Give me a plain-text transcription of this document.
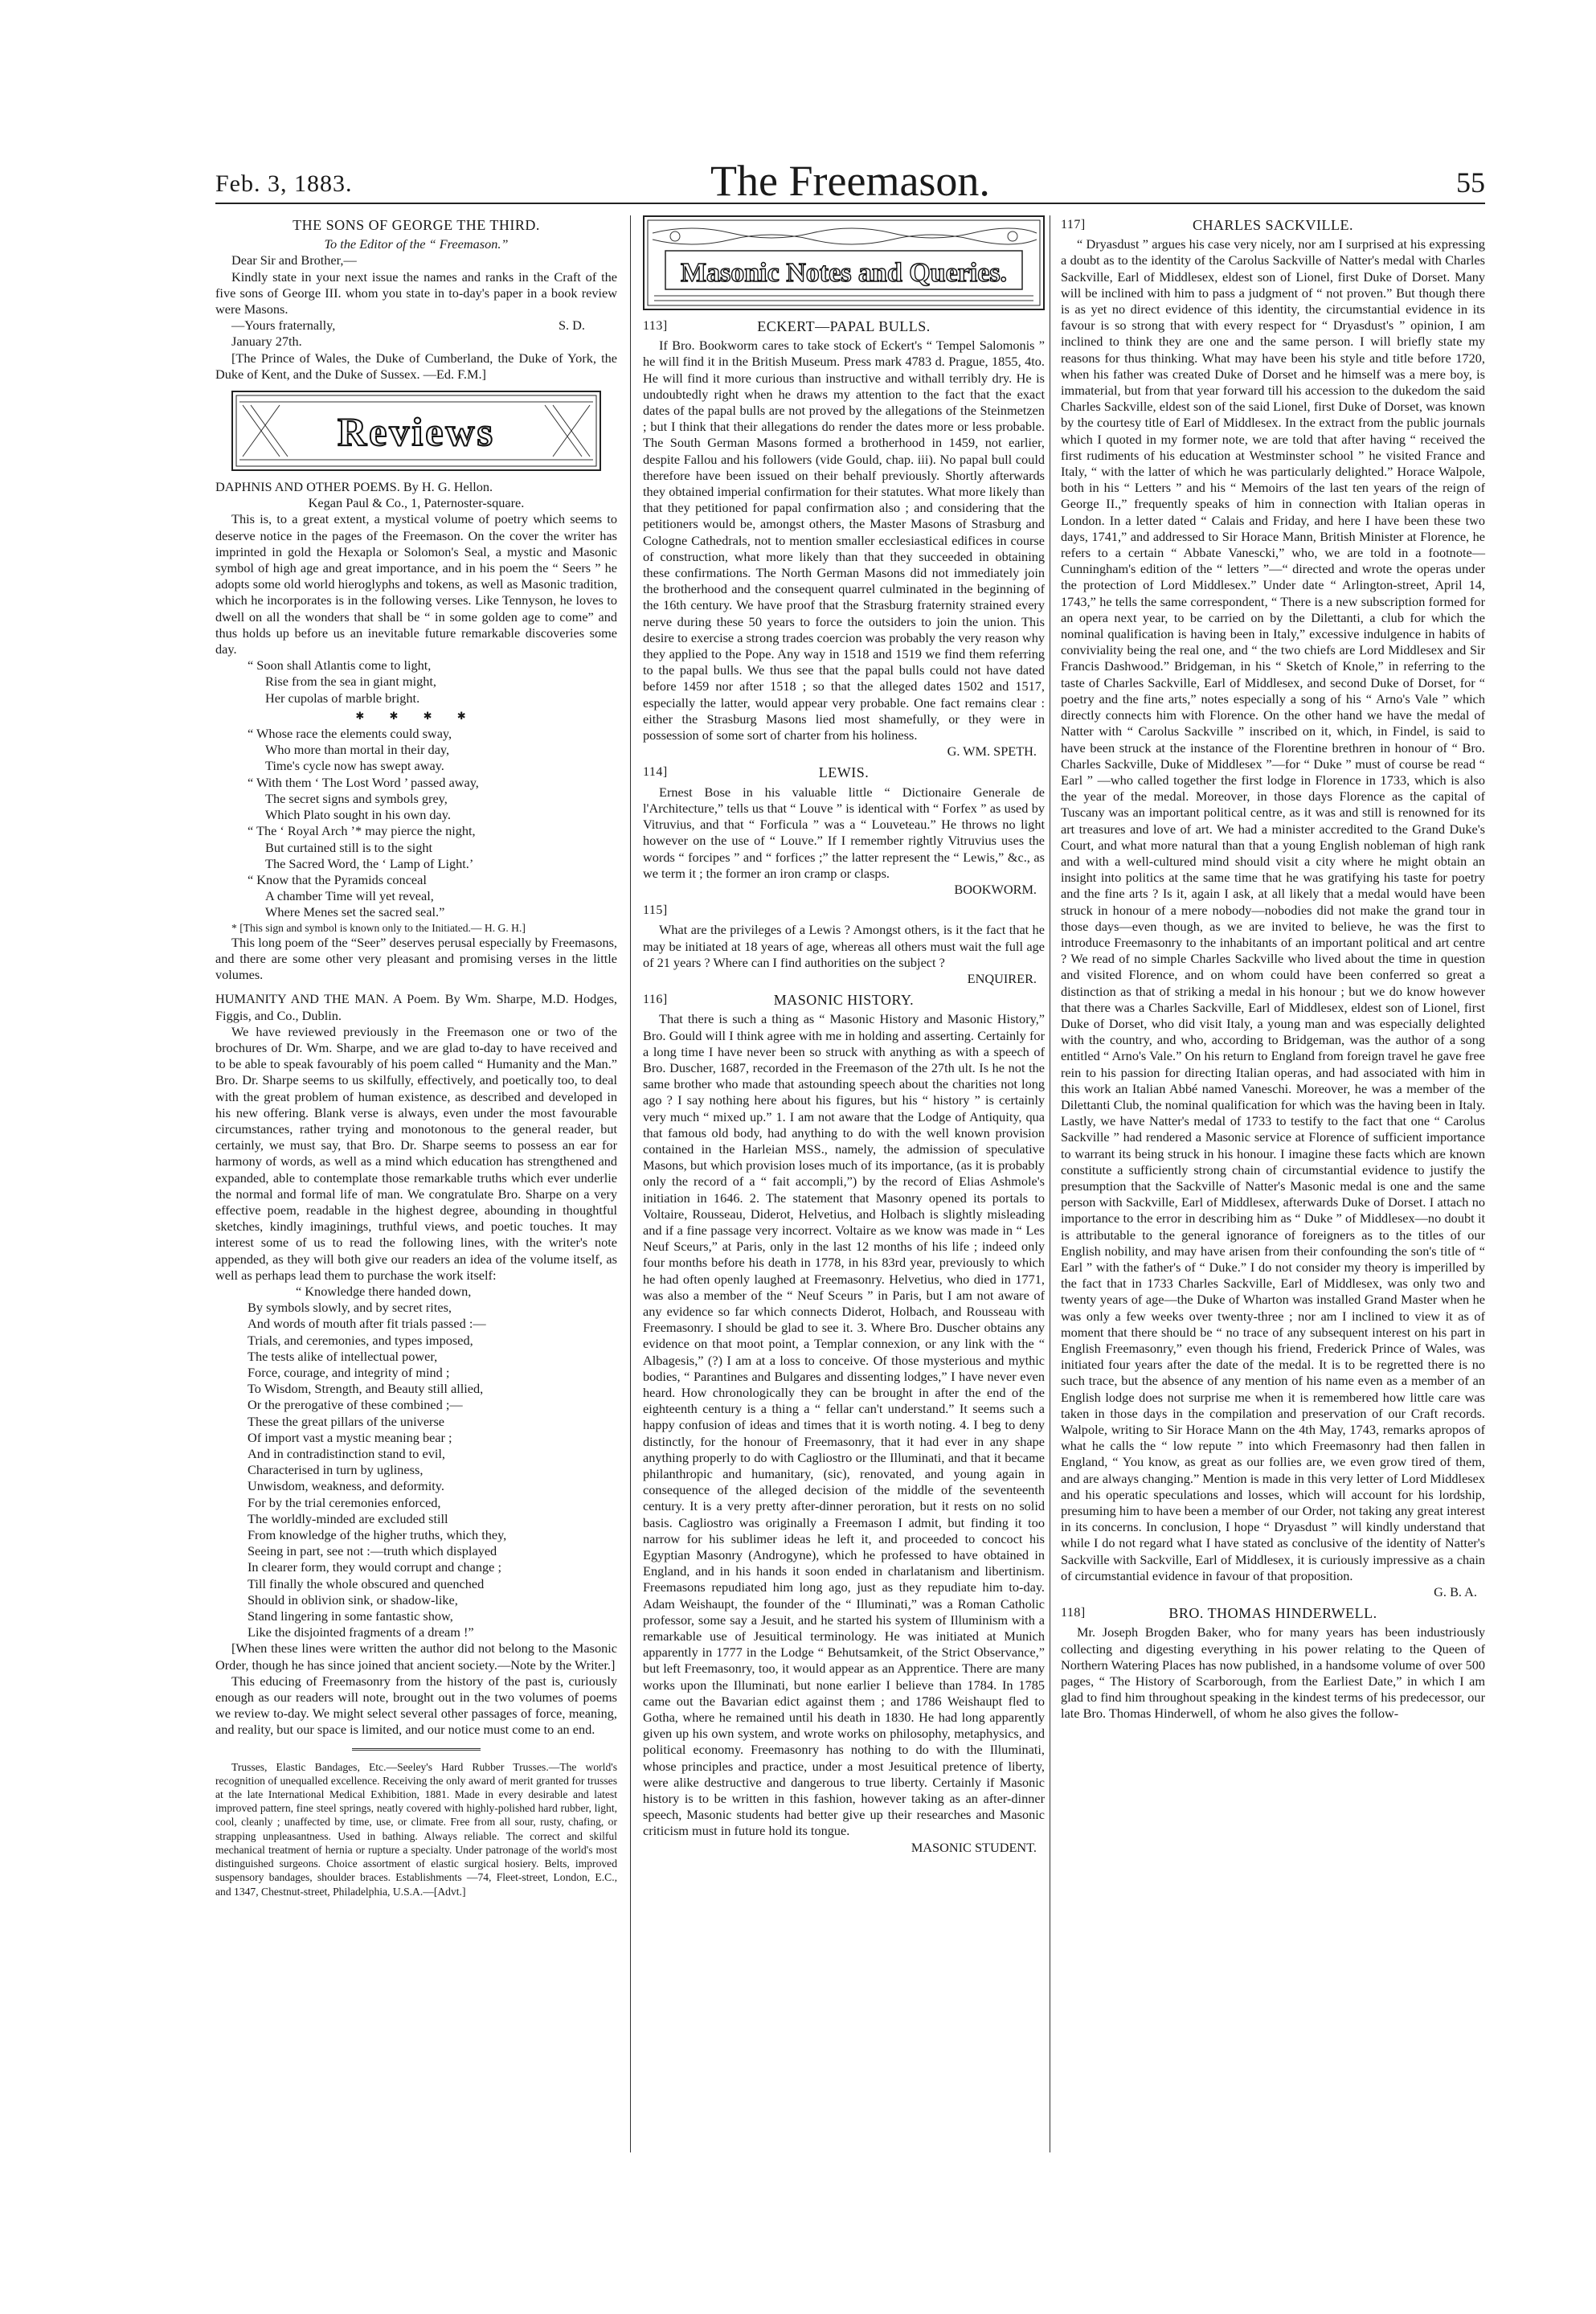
Feb. 3, 1883.	The Freemason.	55
THE SONS OF GEORGE THE THIRD.

To the Editor of the “ Freemason.”

Dear Sir and Brother,—

Kindly state in your next issue the names and ranks in the Craft of the five sons of George III. whom you state in to-day's paper in a book review were Masons.

—Yours fraternally,	S. D.

January 27th.

[The Prince of Wales, the Duke of Cumberland, the Duke of York, the Duke of Kent, and the Duke of Sussex. —Ed. F.M.]

Reviews

DAPHNIS AND OTHER POEMS. By H. G. Hellon.

Kegan Paul & Co., 1, Paternoster-square.

This is, to a great extent, a mystical volume of poetry which seems to deserve notice in the pages of the Freemason. On the cover the writer has imprinted in gold the Hexapla or Solomon's Seal, a mystic and Masonic symbol of high age and great importance, and in his poem the “ Seers ” he adopts some old world hieroglyphs and tokens, as well as Masonic tradition, which he incorporates is in the following verses. Like Tennyson, he loves to dwell on all the wonders that shall be “ in some golden age to come” and thus holds up before us an inevitable future remarkable discoveries some day.

“ Soon shall Atlantis come to light,
Rise from the sea in giant might,
Her cupolas of marble bright.
✱ ✱ ✱ ✱
“ Whose race the elements could sway,
Who more than mortal in their day,
Time's cycle now has swept away.
“ With them ‘ The Lost Word ’ passed away,
The secret signs and symbols grey,
Which Plato sought in his own day.
“ The ‘ Royal Arch ’* may pierce the night,
But curtained still is to the sight
The Sacred Word, the ‘ Lamp of Light.’
“ Know that the Pyramids conceal
A chamber Time will yet reveal,
Where Menes set the sacred seal.”

* [This sign and symbol is known only to the Initiated.— H. G. H.]

This long poem of the “Seer” deserves perusal especially by Freemasons, and there are some other very pleasant and promising verses in the little volumes.

HUMANITY AND THE MAN. A Poem. By Wm. Sharpe, M.D. Hodges, Figgis, and Co., Dublin.

We have reviewed previously in the Freemason one or two of the brochures of Dr. Wm. Sharpe, and we are glad to-day to have received and to be able to speak favourably of his poem called “ Humanity and the Man.” Bro. Dr. Sharpe seems to us skilfully, effectively, and poetically too, to deal with the great problem of human existence, as described and developed in his new offering. Blank verse is always, even under the most favourable circumstances, rather trying and monotonous to the general reader, but certainly, we must say, that Bro. Dr. Sharpe seems to possess an ear for harmony of words, as well as a mind which education has strengthened and expanded, able to contemplate those remarkable truths which ever underlie the normal and formal life of man. We congratulate Bro. Sharpe on a very effective poem, readable in the highest degree, abounding in thoughtful sketches, kindly imaginings, truthful views, and poetic touches. It may interest some of us to read the following lines, with the writer's note appended, as they will both give our readers an idea of the volume itself, as well as perhaps lead them to purchase the work itself:

“ Knowledge there handed down,
By symbols slowly, and by secret rites,
And words of mouth after fit trials passed :—
Trials, and ceremonies, and types imposed,
The tests alike of intellectual power,
Force, courage, and integrity of mind ;
To Wisdom, Strength, and Beauty still allied,
Or the prerogative of these combined ;—
These the great pillars of the universe
Of import vast a mystic meaning bear ;
And in contradistinction stand to evil,
Characterised in turn by ugliness,
Unwisdom, weakness, and deformity.
For by the trial ceremonies enforced,
The worldly-minded are excluded still
From knowledge of the higher truths, which they,
Seeing in part, see not :—truth which displayed
In clearer form, they would corrupt and change ;
Till finally the whole obscured and quenched
Should in oblivion sink, or shadow-like,
Stand lingering in some fantastic show,
Like the disjointed fragments of a dream !”

[When these lines were written the author did not belong to the Masonic Order, though he has since joined that ancient society.—Note by the Writer.]

This educing of Freemasonry from the history of the past is, curiously enough as our readers will note, brought out in the two volumes of poems we review to-day. We might select several other passages of force, meaning, and reality, but our space is limited, and our notice must come to an end.

Trusses, Elastic Bandages, Etc.—Seeley's Hard Rubber Trusses.—The world's recognition of unequalled excellence. Receiving the only award of merit granted for trusses at the late International Medical Exhibition, 1881. Made in every desirable and latest improved pattern, fine steel springs, neatly covered with highly-polished hard rubber, light, cool, cleanly ; unaffected by time, use, or climate. Free from all sour, rusty, chafing, or strapping unpleasantness. Used in bathing. Always reliable. The correct and skilful mechanical treatment of hernia or rupture a specialty. Under patronage of the world's most distinguished surgeons. Choice assortment of elastic surgical hosiery. Belts, improved suspensory bandages, shoulder braces. Establishments —74, Fleet-street, London, E.C., and 1347, Chestnut-street, Philadelphia, U.S.A.—[Advt.]

Masonic Notes and Queries.
113]	ECKERT—PAPAL BULLS.

If Bro. Bookworm cares to take stock of Eckert's “ Tempel Salomonis ” he will find it in the British Museum. Press mark 4783 d. Prague, 1855, 4to. He will find it more curious than instructive and withall terribly dry. He is undoubtedly right when he draws my attention to the fact that the exact dates of the papal bulls are not proved by the allegations of the Steinmetzen ; but I think that their allegations do render the dates more or less probable. The South German Masons formed a brotherhood in 1459, not earlier, despite Fallou and his followers (vide Gould, chap. iii). No papal bull could therefore have been issued on their behalf previously. Shortly afterwards they obtained imperial confirmation for their statutes. What more likely than that they petitioned for papal confirmation also ; and considering that the petitioners would be, amongst others, the Master Masons of Strasburg and Cologne Cathedrals, not to mention smaller ecclesiastical edifices in course of construction, what more likely than that they succeeded in obtaining these confirmations. The North German Masons did not immediately join the brotherhood and the consequent quarrel culminated in the beginning of the 16th century. We have proof that the Strasburg fraternity strained every nerve during these 50 years to force the outsiders to join the union. This desire to exercise a strong trades coercion was probably the very reason why they applied to the Pope. Any way in 1518 and 1519 we find them referring to the papal bulls. We thus see that the papal bulls could not have dated before 1459 nor after 1518 ; so that the alleged dates 1502 and 1517, especially the latter, would appear very probable. One fact remains clear : either the Strasburg Masons lied most shamefully, or they were in possession of some sort of charter from his holiness.

G. WM. SPETH.

114]	LEWIS.

Ernest Bose in his valuable little “ Dictionaire Generale de l'Architecture,” tells us that “ Louve ” is identical with “ Forfex ” as used by Vitruvius, and that “ Forficula ” was a “ Louveteau.” He throws no light however on the use of “ Louve.” If I remember rightly Vitruvius uses the words “ forcipes ” and “ forfices ;” the latter represent the “ Lewis,” &c., as we term it ; the former an iron cramp or clasps.

BOOKWORM.

115]

What are the privileges of a Lewis ? Amongst others, is it the fact that he may be initiated at 18 years of age, whereas all others must wait the full age of 21 years ? Where can I find authorities on the subject ?

ENQUIRER.

116]	MASONIC HISTORY.

That there is such a thing as “ Masonic History and Masonic History,” Bro. Gould will I think agree with me in holding and asserting. Certainly for a long time I have never been so struck with anything as with a speech of Bro. Duscher, 1687, recorded in the Freemason of the 27th ult. Is he not the same brother who made that astounding speech about the charities not long ago ? I say nothing here about his figures, but his “ history ” is certainly very much “ mixed up.” 1. I am not aware that the Lodge of Antiquity, qua that famous old body, had anything to do with the well known provision contained in the Harleian MSS., namely, the admission of speculative Masons, but which provision loses much of its importance, (as it is probably only the record of a “ fait accompli,”) by the record of Elias Ashmole's initiation in 1646. 2. The statement that Masonry opened its portals to Voltaire, Rousseau, Diderot, Helvetius, and Holbach is slightly misleading and if a fine passage very incorrect. Voltaire as we know was made in “ Les Neuf Sceurs,” at Paris, only in the last 12 months of his life ; indeed only four months before his death in 1778, in his 83rd year, previously to which he had often openly laughed at Freemasonry. Helvetius, who died in 1771, was also a member of the “ Neuf Sceurs ” in Paris, but I am not aware of any evidence so far which connects Diderot, Holbach, and Rousseau with Freemasonry. I should be glad to see it. 3. Where Bro. Duscher obtains any evidence on that moot point, a Templar connexion, or any link with the “ Albagesis,” (?) I am at a loss to conceive. Of those mysterious and mythic bodies, “ Parantines and Bulgares and dissenting lodges,” I have never even heard. How chronologically they can be brought in after the end of the eighteenth century is a thing a “ fellar can't understand.” It seems such a happy confusion of ideas and times that it is worth noting. 4. I beg to deny distinctly, for the honour of Freemasonry, that it had ever in any shape anything properly to do with Cagliostro or the Illuminati, and that it became philanthropic and humanitary, (sic), renovated, and young again in consequence of the alleged decision of the middle of the seventeenth century. It is a very pretty after-dinner peroration, but it rests on no solid basis. Cagliostro was originally a Freemason I admit, but finding it too narrow for his sublimer ideas he left it, and proceeded to concoct his Egyptian Masonry (Androgyne), which he professed to have obtained in England, and in his hands it soon ended in charlatanism and libertinism. Freemasons repudiated him long ago, just as they repudiate him to-day. Adam Weishaupt, the founder of the “ Illuminati,” was a Roman Catholic professor, some say a Jesuit, and he started his system of Illuminism with a remarkable use of Jesuitical terminology. He was initiated at Munich apparently in 1777 in the Lodge “ Behutsamkeit, of the Strict Observance,” but left Freemasonry, too, it would appear as an Apprentice. There are many works upon the Illuminati, but none earlier I believe than 1784. In 1785 came out the Bavarian edict against them ; and 1786 Weishaupt fled to Gotha, where he remained until his death in 1830. He had long apparently given up his own system, and wrote works on philosophy, metaphysics, and political economy. Freemasonry has nothing to do with the Illuminati, whose principles and practice, under a most Jesuitical pretence of liberty, were alike destructive and dangerous to true liberty. Certainly if Masonic history is to be written in this fashion, however taking as an after-dinner speech, Masonic students had better give up their researches and Masonic criticism must in future hold its tongue.

MASONIC STUDENT.

117]	CHARLES SACKVILLE.

“ Dryasdust ” argues his case very nicely, nor am I surprised at his expressing a doubt as to the identity of the Carolus Sackville of Natter's medal with Charles Sackville, Earl of Middlesex, eldest son of Lionel, first Duke of Dorset. Many will be inclined with him to pass a judgment of “ not proven.” But though there is as yet no direct evidence of this identity, the circumstantial evidence in its favour is so strong that with every respect for “ Dryasdust's ” opinion, I am inclined to think they are one and the same person. I will briefly state my reasons for thus thinking. What may have been his style and title before 1720, when his father was created Duke of Dorset and he himself was a mere boy, is immaterial, but from that year forward till his accession to the dukedom the said Charles Sackville, eldest son of the said Lionel, first Duke of Dorset, was known by the courtesy title of Earl of Middlesex. In the extract from the public journals which I quoted in my former note, we are told that after having “ received the first rudiments of his education at Westminster school ” he visited France and Italy, “ with the latter of which he was particularly delighted.” Horace Walpole, both in his “ Letters ” and his “ Memoirs of the last ten years of the reign of George II.,” frequently speaks of him in connection with Italian operas in London. In a letter dated “ Calais and Friday, and here I have been these two days, 1741,” and addressed to Sir Horace Mann, British Minister at Florence, he refers to a certain “ Abbate Vanescki,” who, we are told in a footnote—Cunningham's edition of the “ letters ”—“ directed and wrote the operas under the protection of Lord Middlesex.” Under date “ Arlington-street, April 14, 1743,” he tells the same correspondent, “ There is a new subscription formed for an opera next year, to be carried on by the Dilettanti, a club for which the nominal qualification is having been in Italy,” excessive indulgence in habits of conviviality being the real one, and “ the two chiefs are Lord Middlesex and Sir Francis Dashwood.” Bridgeman, in his “ Sketch of Knole,” in referring to the taste of Charles Sackville, Earl of Middlesex, and second Duke of Dorset, for “ poetry and the fine arts,” notes especially a song of his “ Arno's Vale ” which directly connects him with Florence. On the other hand we have the medal of Natter with “ Carolus Sackville ” inscribed on it, which, in Findel, is said to have been struck at the instance of the Florentine brethren in honour of “ Bro. Charles Sackville, Duke of Middlesex ”—for “ Duke ” must of course be read “ Earl ” —who called together the first lodge in Florence in 1733, which is also the year of the medal. Moreover, in those days Florence as the capital of Tuscany was an important political centre, as it was and still is renowned for its art treasures and love of art. We had a minister accredited to the Grand Duke's Court, and what more natural than that a young English nobleman of high rank and with a well-cultured mind should visit a city where he might obtain an insight into politics at the same time that he was gratifying his taste for poetry and the fine arts ? Is it, again I ask, at all likely that a medal would have been struck in honour of a mere nobody—nobodies did not make the grand tour in those days—even though, as we are invited to believe, he was the first to introduce Freemasonry to the inhabitants of an important political and art centre ? We read of no simple Charles Sackville who lived about the time in question and visited Florence, and on whom could have been conferred so great a distinction as that of striking a medal in his honour ; but we do know however that there was a Charles Sackville, Earl of Middlesex, eldest son of Lionel, first Duke of Dorset, who did visit Italy, a young man and was especially delighted with the country, and who, according to Bridgeman, was the author of a song entitled “ Arno's Vale.” On his return to England from foreign travel he gave free rein to his passion for directing Italian operas, and had associated with him in this work an Italian Abbé named Vaneschi. Moreover, he was a member of the Dilettanti Club, the nominal qualification for which was the having been in Italy. Lastly, we have Natter's medal of 1733 to testify to the fact that one “ Carolus Sackville ” had rendered a Masonic service at Florence of sufficient importance to warrant its being struck in his honour. I imagine these facts which are known constitute a sufficiently strong chain of circumstantial evidence to justify the presumption that the Sackville of Natter's Masonic medal is one and the same person with Sackville, Earl of Middlesex, afterwards Duke of Dorset. I attach no importance to the error in describing him as “ Duke ” of Middlesex—no doubt it is attributable to the general ignorance of foreigners as to the titles of our English nobility, and may have arisen from their confounding the son's title of “ Earl ” with the father's of “ Duke.” I do not consider my theory is imperilled by the fact that in 1733 Charles Sackville, Earl of Middlesex, was only two and twenty years of age—the Duke of Wharton was installed Grand Master when he was only a few weeks over twenty-three ; nor am I inclined to view it as of moment that there should be “ no trace of any subsequent interest on his part in English Freemasonry,” even though his friend, Frederick Prince of Wales, was initiated four years after the date of the medal. It is to be regretted there is no such trace, but the absence of any mention of his name even as a member of an English lodge does not surprise me when it is remembered how little care was taken in those days in the compilation and preservation of our Craft records. Walpole, writing to Sir Horace Mann on the 4th May, 1743, remarks apropos of what he calls the “ low repute ” into which Freemasonry had then fallen in England, “ You know, as great as our follies are, we even grow tired of them, and are always changing.” Mention is made in this very letter of Lord Middlesex and his operatic speculations and losses, which will account for his lordship, presuming him to have been a member of our Order, not taking any great interest in its concerns. In conclusion, I hope “ Dryasdust ” will kindly understand that while I do not regard what I have stated as conclusive of the identity of Natter's Sackville with Sackville, Earl of Middlesex, it is curiously impressive as a chain of circumstantial evidence in favour of that proposition.

G. B. A.

118]	BRO. THOMAS HINDERWELL.

Mr. Joseph Brogden Baker, who for many years has been industriously collecting and digesting everything in his power relating to the Queen of Northern Watering Places has now published, in a handsome volume of over 500 pages, “ The History of Scarborough, from the Earliest Date,” in which I am glad to find him throughout speaking in the kindest terms of his predecessor, our late Bro. Thomas Hinderwell, of whom he also gives the follow-
